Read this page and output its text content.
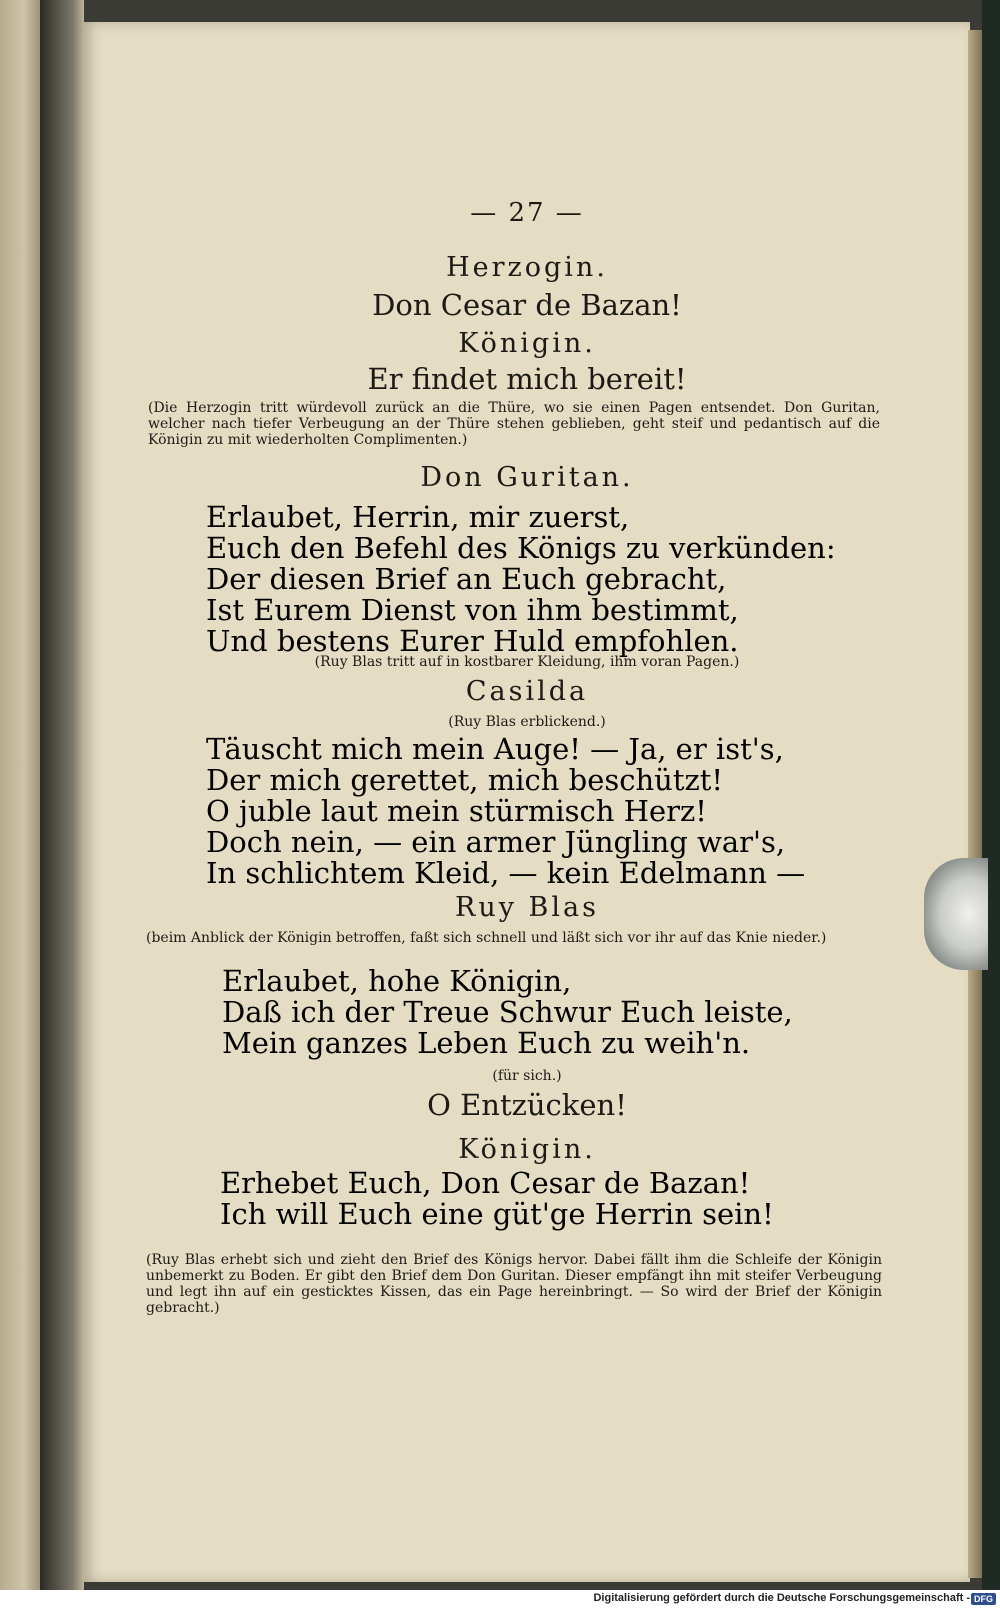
— 27 —
Herzogin.
Don Cesar de Bazan!
Königin.
Er findet mich bereit!
(Die Herzogin tritt würdevoll zurück an die Thüre, wo sie einen Pagen entsendet. Don Guritan, welcher nach tiefer Verbeugung an der Thüre stehen geblieben, geht steif und pedantisch auf die Königin zu mit wiederholten Complimenten.)
Don Guritan.
Erlaubet, Herrin, mir zuerst,
Euch den Befehl des Königs zu verkünden:
Der diesen Brief an Euch gebracht,
Ist Eurem Dienst von ihm bestimmt,
Und bestens Eurer Huld empfohlen.
(Ruy Blas tritt auf in kostbarer Kleidung, ihm voran Pagen.)
Casilda
(Ruy Blas erblickend.)
Täuscht mich mein Auge! — Ja, er ist's,
Der mich gerettet, mich beschützt!
O juble laut mein stürmisch Herz!
Doch nein, — ein armer Jüngling war's,
In schlichtem Kleid, — kein Edelmann —
Ruy Blas
(beim Anblick der Königin betroffen, faßt sich schnell und läßt sich vor ihr auf das Knie nieder.)
Erlaubet, hohe Königin,
Daß ich der Treue Schwur Euch leiste,
Mein ganzes Leben Euch zu weih'n.
(für sich.)
O Entzücken!
Königin.
Erhebet Euch, Don Cesar de Bazan!
Ich will Euch eine güt'ge Herrin sein!
(Ruy Blas erhebt sich und zieht den Brief des Königs hervor. Dabei fällt ihm die Schleife der Königin unbemerkt zu Boden. Er gibt den Brief dem Don Guritan. Dieser empfängt ihn mit steifer Verbeugung und legt ihn auf ein gesticktes Kissen, das ein Page hereinbringt. — So wird der Brief der Königin gebracht.)
Digitalisierung gefördert durch die Deutsche Forschungsgemeinschaft - DFG
